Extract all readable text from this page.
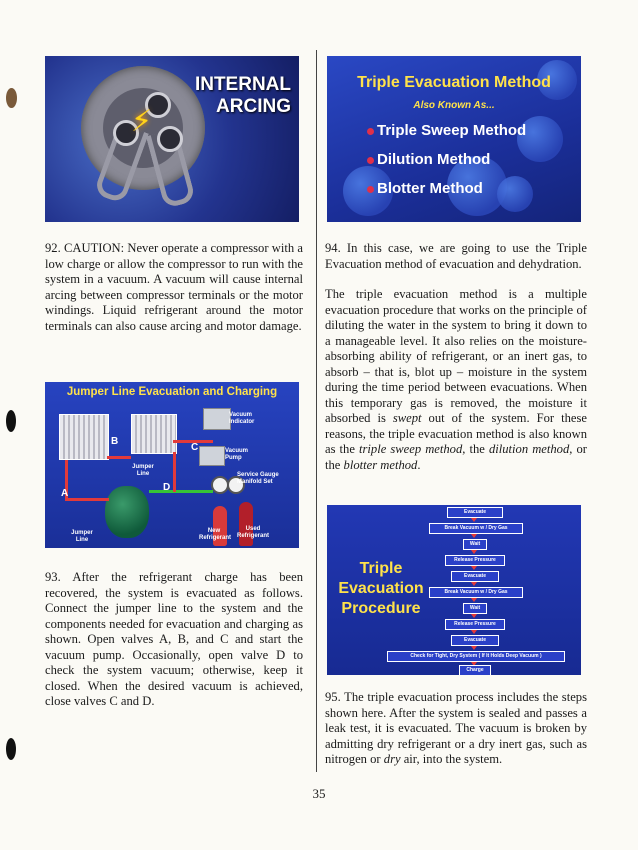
⚡
INTERNAL
ARCING
Triple Evacuation Method
Also Known As...
Triple Sweep Method
Dilution Method
Blotter Method
Jumper Line Evacuation and Charging
Vacuum Indicator
Vacuum Pump
Jumper Line	Service Gauge Manifold Set
Jumper Line
New Refrigerant
Used Refrigerant
A
B
C
D
Triple
Evacuation
Procedure
Evacuate
Break Vacuum w / Dry Gas
Wait
Release Pressure
Evacuate
Break Vacuum w / Dry Gas
Wait
Release Pressure
Evacuate
Check for Tight, Dry System ( If It Holds Deep Vacuum )
Charge

92. CAUTION: Never operate a compressor with a low charge or allow the compressor to run with the system in a vacuum. A vacuum will cause internal arcing between compressor terminals or the motor windings. Liquid refrigerant around the motor terminals can also cause arcing and motor damage.

93. After the refrigerant charge has been recovered, the system is evacuated as follows. Connect the jumper line to the system and the components needed for evacuation and charging as shown. Open valves A, B, and C and start the vacuum pump. Occasionally, open valve D to check the system vacuum; otherwise, keep it closed. When the desired vacuum is achieved, close valves C and D.

94. In this case, we are going to use the Triple Evacuation method of evacuation and dehydration.

The triple evacuation method is a multiple evacuation procedure that works on the principle of diluting the water in the system to bring it down to a manageable level. It also relies on the moisture-absorbing ability of refrigerant, or an inert gas, to absorb – that is, blot up – moisture in the system during the time period between evacuations. When this temporary gas is removed, the moisture it absorbed is swept out of the system. For these reasons, the triple evacuation method is also known as the triple sweep method, the dilution method, or the blotter method.

95. The triple evacuation process includes the steps shown here. After the system is sealed and passes a leak test, it is evacuated. The vacuum is broken by admitting dry refrigerant or a dry inert gas, such as nitrogen or dry air, into the system.

35
